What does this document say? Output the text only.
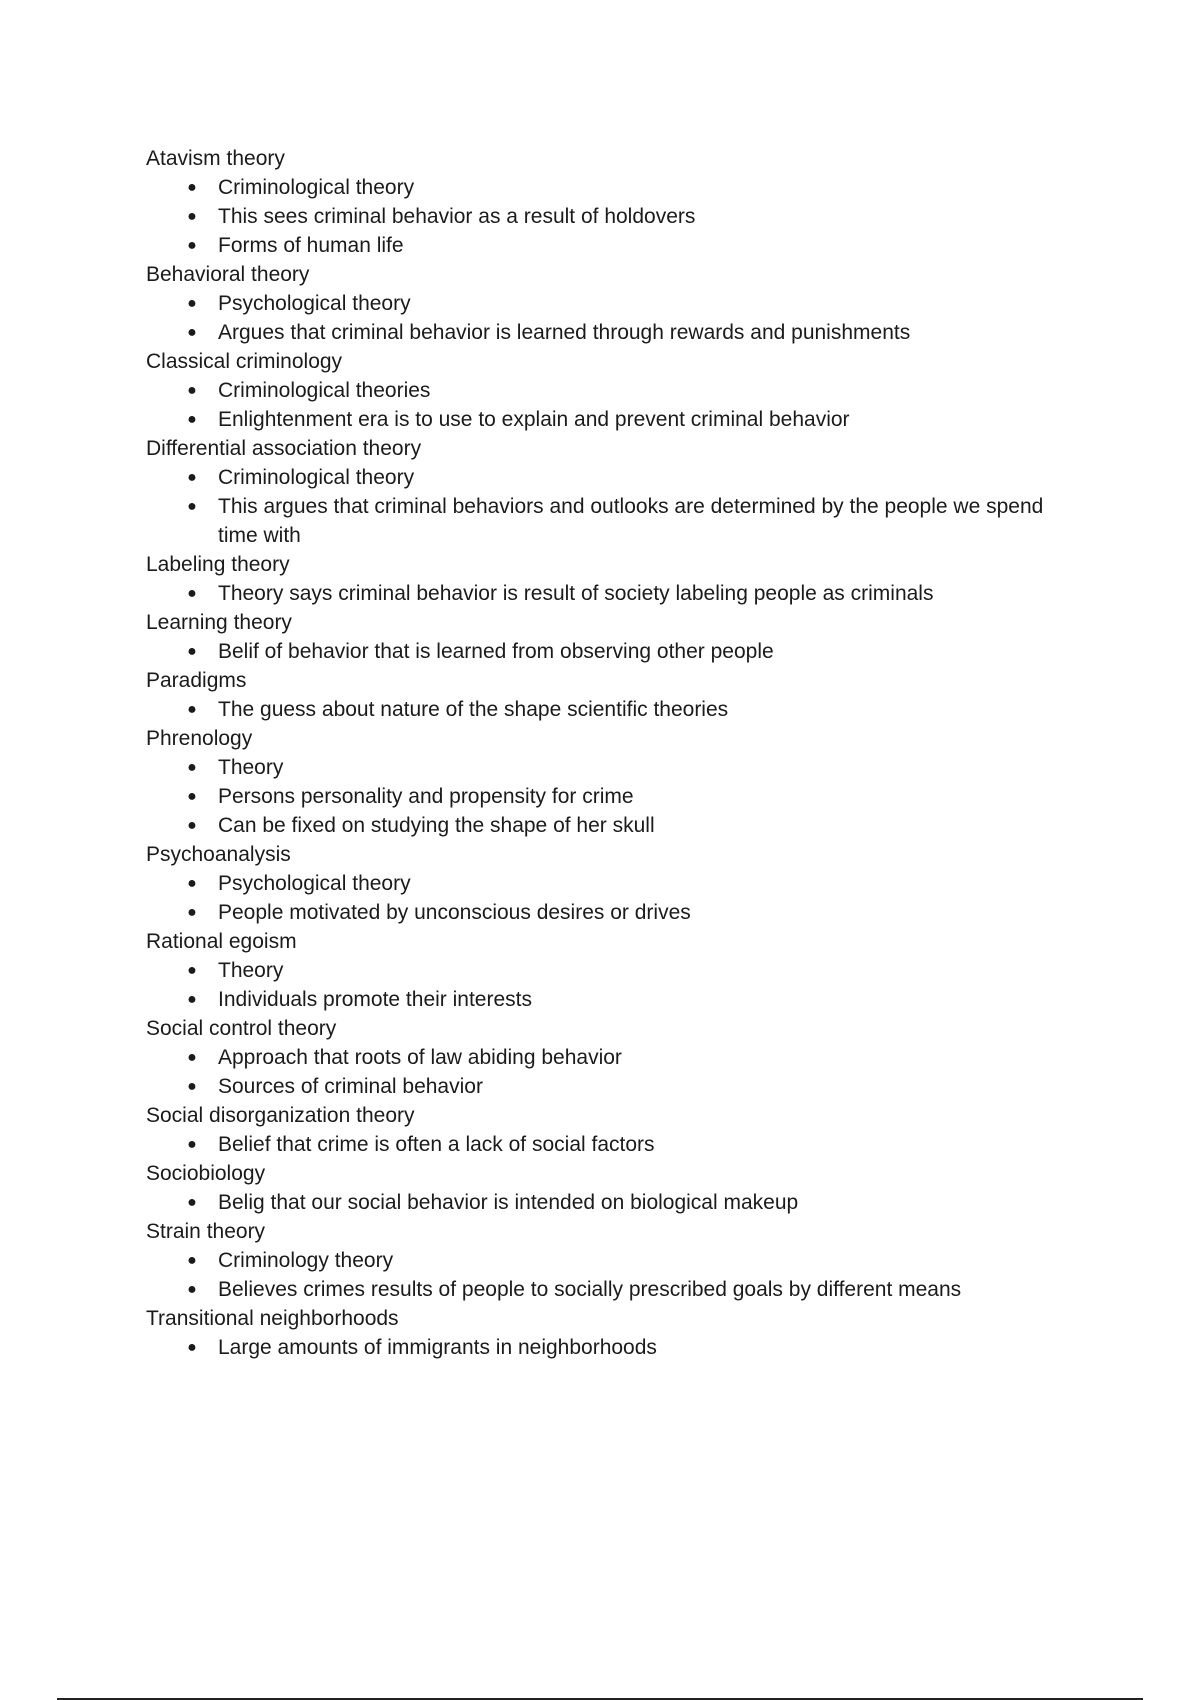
Atavism theory

● Criminological theory
● This sees criminal behavior as a result of holdovers
● Forms of human life

Behavioral theory

● Psychological theory
● Argues that criminal behavior is learned through rewards and punishments

Classical criminology

● Criminological theories
● Enlightenment era is to use to explain and prevent criminal behavior

Differential association theory

● Criminological theory
● This argues that criminal behaviors and outlooks are determined by the people we spend time with

Labeling theory

● Theory says criminal behavior is result of society labeling people as criminals

Learning theory

● Belif of behavior that is learned from observing other people

Paradigms

● The guess about nature of the shape scientific theories

Phrenology

● Theory
● Persons personality and propensity for crime
● Can be fixed on studying the shape of her skull

Psychoanalysis

● Psychological theory
● People motivated by unconscious desires or drives

Rational egoism

● Theory
● Individuals promote their interests

Social control theory

● Approach that roots of law abiding behavior
● Sources of criminal behavior

Social disorganization theory

● Belief that crime is often a lack of social factors

Sociobiology

● Belig that our social behavior is intended on biological makeup

Strain theory

● Criminology theory
● Believes crimes results of people to socially prescribed goals by different means

Transitional neighborhoods

● Large amounts of immigrants in neighborhoods
